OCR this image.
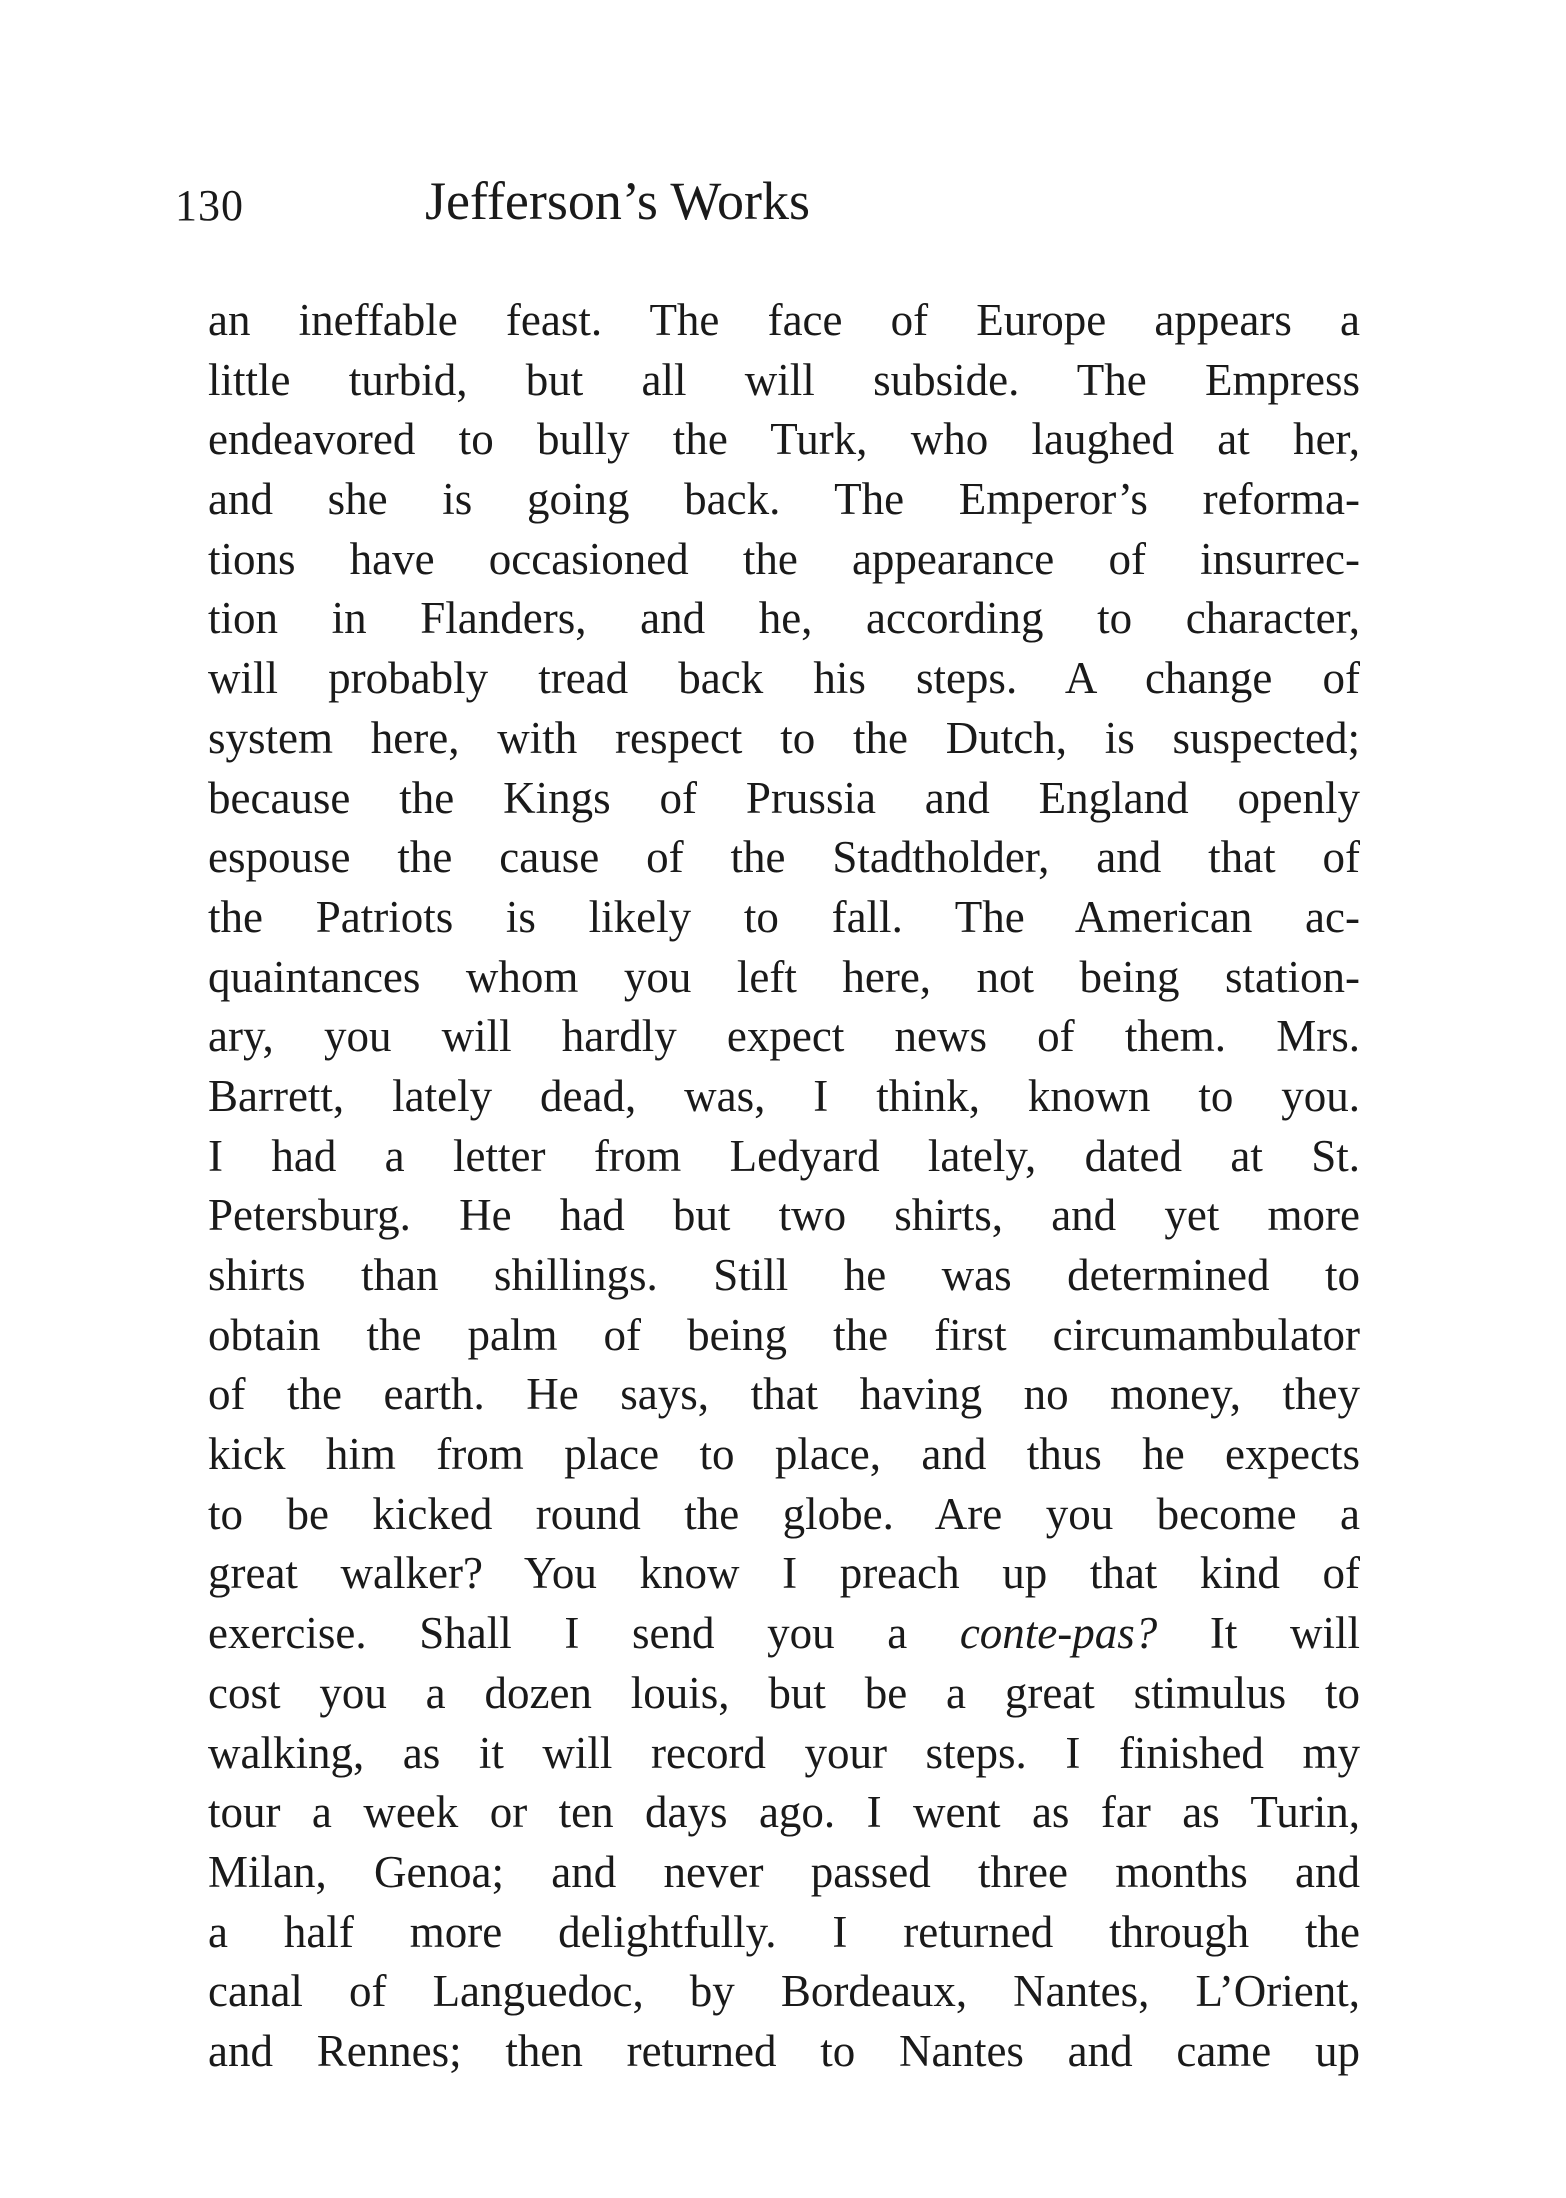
130	Jefferson’s Works
an ineffable feast. The face of Europe appears a
little turbid, but all will subside. The Empress
endeavored to bully the Turk, who laughed at her,
and she is going back. The Emperor’s reforma-
tions have occasioned the appearance of insurrec-
tion in Flanders, and he, according to character,
will probably tread back his steps. A change of
system here, with respect to the Dutch, is suspected;
because the Kings of Prussia and England openly
espouse the cause of the Stadtholder, and that of
the Patriots is likely to fall. The American ac-
quaintances whom you left here, not being station-
ary, you will hardly expect news of them. Mrs.
Barrett, lately dead, was, I think, known to you.
I had a letter from Ledyard lately, dated at St.
Petersburg. He had but two shirts, and yet more
shirts than shillings. Still he was determined to
obtain the palm of being the first circumambulator
of the earth. He says, that having no money, they
kick him from place to place, and thus he expects
to be kicked round the globe. Are you become a
great walker? You know I preach up that kind of
exercise. Shall I send you a conte-pas? It will
cost you a dozen louis, but be a great stimulus to
walking, as it will record your steps. I finished my
tour a week or ten days ago. I went as far as Turin,
Milan, Genoa; and never passed three months and
a half more delightfully. I returned through the
canal of Languedoc, by Bordeaux, Nantes, L’Orient,
and Rennes; then returned to Nantes and came up
